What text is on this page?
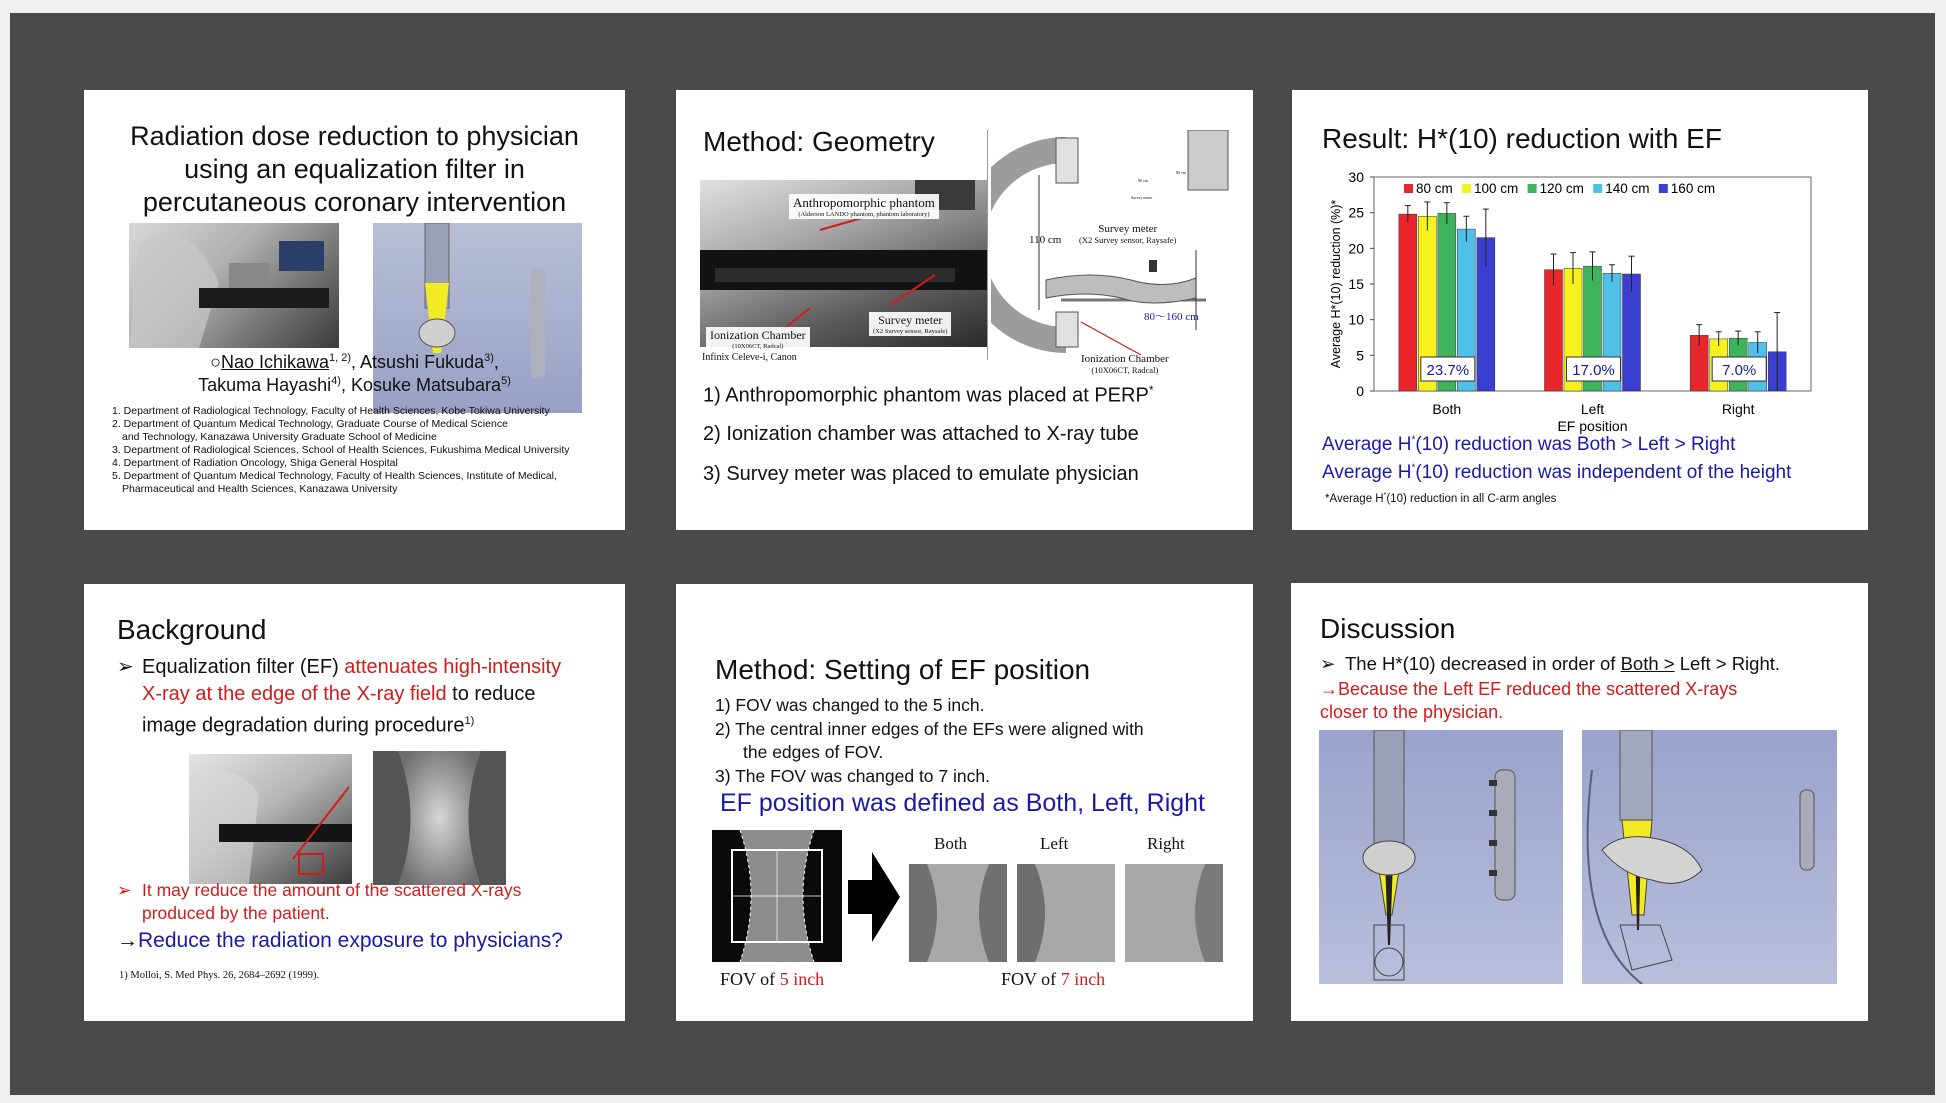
Radiation dose reduction to physician
using an equalization filter in
percutaneous coronary intervention
○Nao Ichikawa$^{1, 2)}$, Atsushi Fukuda$^{3)}$,
Takuma Hayashi$^{4)}$, Kosuke Matsubara$^{5)}$
1. Department of Radiological Technology, Faculty of Health Sciences, Kobe Tokiwa University
2. Department of Quantum Medical Technology, Graduate Course of Medical Science
and Technology, Kanazawa University Graduate School of Medicine
3. Department of Radiological Sciences, School of Health Sciences, Fukushima Medical University
4. Department of Radiation Oncology, Shiga General Hospital
5. Department of Quantum Medical Technology, Faculty of Health Sciences, Institute of Medical,
Pharmaceutical and Health Sciences, Kanazawa University
Method: Geometry
Anthropomorphic phantom
(Alderson LANDO phantom, phantom laboratory)
Survey meter
(X2 Survey sensor, Raysafe)
Ionization Chamber
(10X06CT, Radcal)
Infinix Celeve-i, Canon
110 cm
Survey meter
(X2 Survey sensor, Raysafe)
80～160 cm
Ionization Chamber
(10X06CT, Radcal)
Survey meter
90 cm
80 cm
1) Anthropomorphic phantom was placed at PERP*
2) Ionization chamber was attached to X-ray tube
3) Survey meter was placed to emulate physician
Result: H*(10) reduction with EF
0
5
10
15
20
25
30
Average H*(10) reduction (%)*
80 cm 100 cm 120 cm 140 cm 160 cm
23.7%
Both
17.0%
Left
7.0%
Right
EF position
Average H*(10) reduction was Both > Left > Right
Average H*(10) reduction was independent of the height
*Average H*(10) reduction in all C-arm angles
Background
➢ Equalization filter (EF) attenuates high-intensity
X-ray at the edge of the X-ray field to reduce
image degradation during procedure$^{1)}$
➢ It may reduce the amount of the scattered X-rays
produced by the patient.
→Reduce the radiation exposure to physicians?
1) Molloi, S. Med Phys. 26, 2684–2692 (1999).
Method: Setting of EF position
1) FOV was changed to the 5 inch.
2) The central inner edges of the EFs were aligned with
the edges of FOV.
3) The FOV was changed to 7 inch.
EF position was defined as Both, Left, Right
Both	Left	Right
FOV of 5 inch	FOV of 7 inch
Discussion
➢ The H*(10) decreased in order of Both > Left > Right.
→Because the Left EF reduced the scattered X-rays
closer to the physician.
